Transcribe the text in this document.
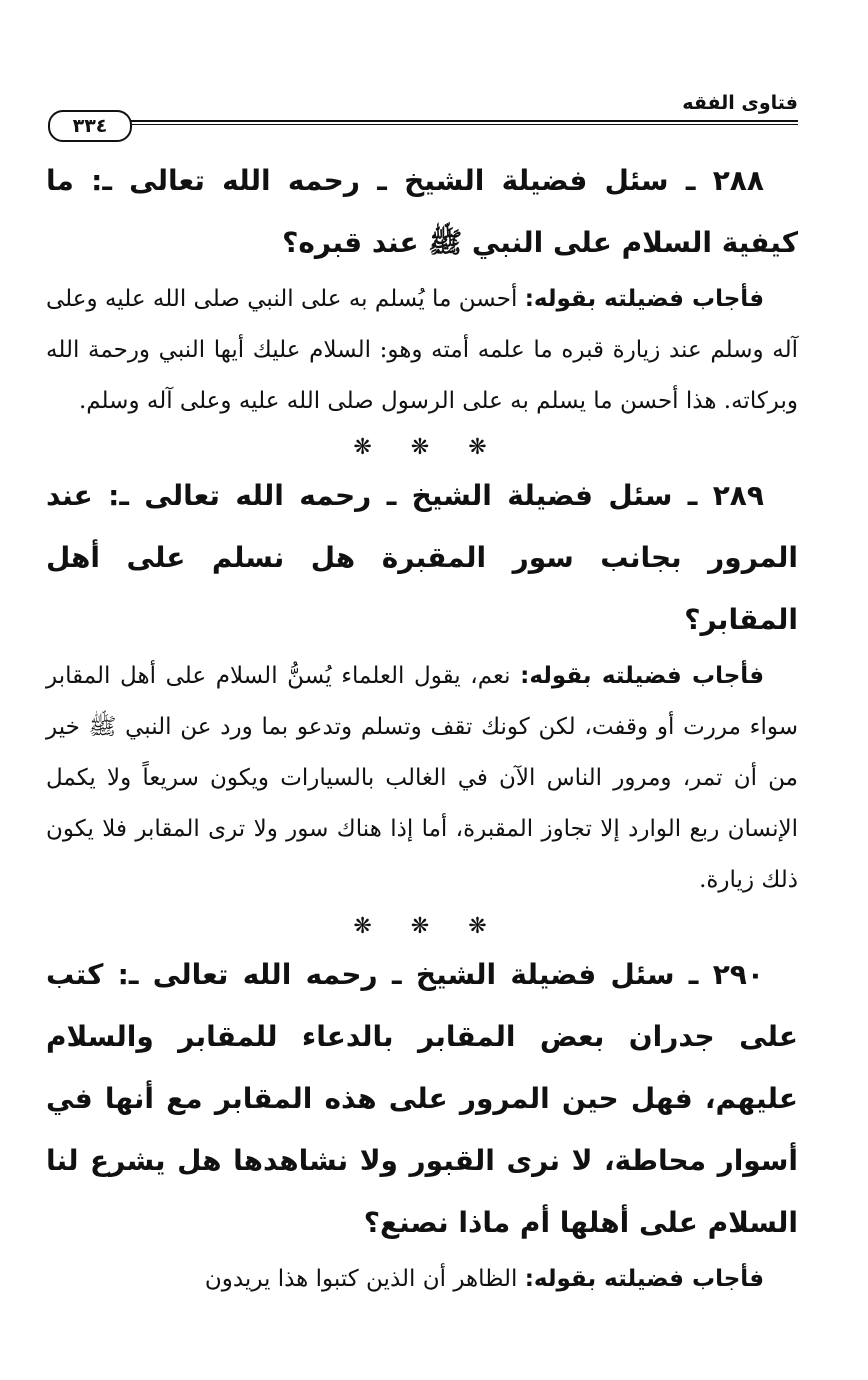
فتاوى الفقه
٣٣٤

٢٨٨ ـ سئل فضيلة الشيخ ـ رحمه الله تعالى ـ: ما كيفية السلام على النبي ﷺ عند قبره؟

فأجاب فضيلته بقوله: أحسن ما يُسلم به على النبي صلى الله عليه وعلى آله وسلم عند زيارة قبره ما علمه أمته وهو: السلام عليك أيها النبي ورحمة الله وبركاته. هذا أحسن ما يسلم به على الرسول صلى الله عليه وعلى آله وسلم.

❋ ❋ ❋

٢٨٩ ـ سئل فضيلة الشيخ ـ رحمه الله تعالى ـ: عند المرور بجانب سور المقبرة هل نسلم على أهل المقابر؟

فأجاب فضيلته بقوله: نعم، يقول العلماء يُسنُّ السلام على أهل المقابر سواء مررت أو وقفت، لكن كونك تقف وتسلم وتدعو بما ورد عن النبي ﷺ خير من أن تمر، ومرور الناس الآن في الغالب بالسيارات ويكون سريعاً ولا يكمل الإنسان ربع الوارد إلا تجاوز المقبرة، أما إذا هناك سور ولا ترى المقابر فلا يكون ذلك زيارة.

❋ ❋ ❋

٢٩٠ ـ سئل فضيلة الشيخ ـ رحمه الله تعالى ـ: كتب على جدران بعض المقابر بالدعاء للمقابر والسلام عليهم، فهل حين المرور على هذه المقابر مع أنها في أسوار محاطة، لا نرى القبور ولا نشاهدها هل يشرع لنا السلام على أهلها أم ماذا نصنع؟

فأجاب فضيلته بقوله: الظاهر أن الذين كتبوا هذا يريدون
